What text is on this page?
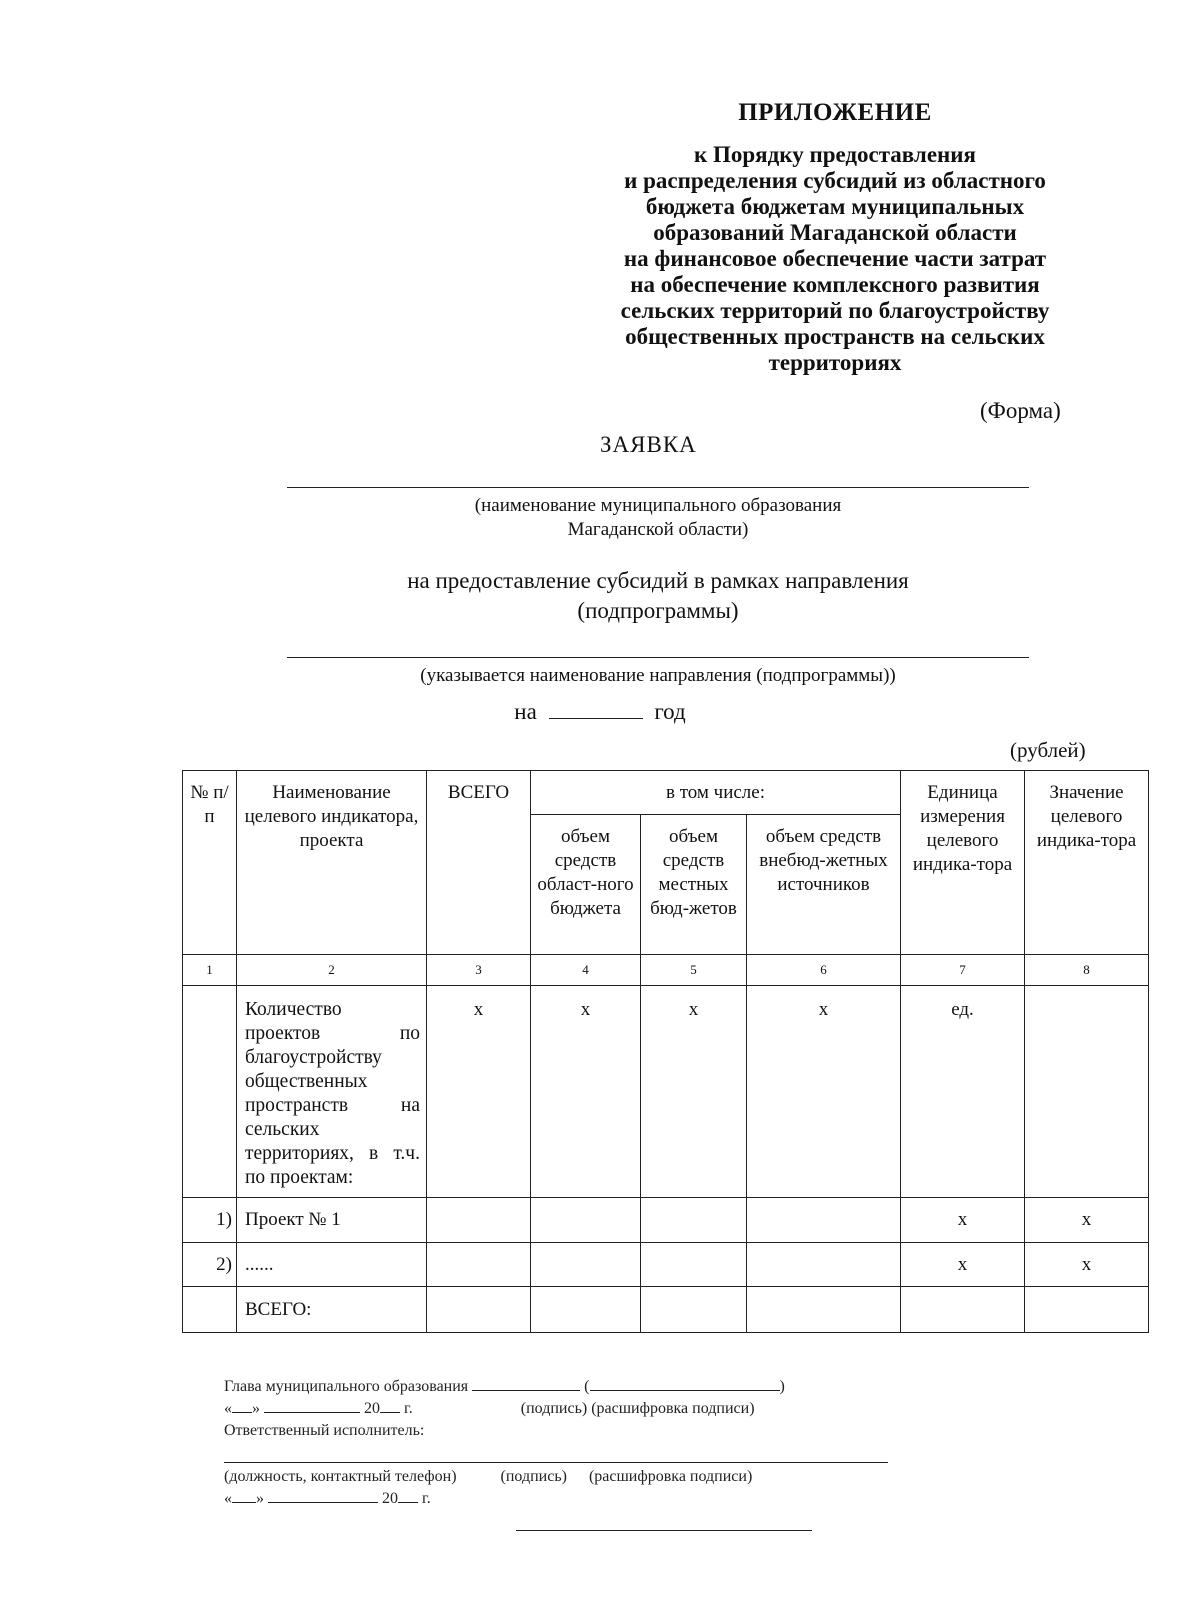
ПРИЛОЖЕНИЕ
к Порядку предоставления
и распределения субсидий из областного
бюджета бюджетам муниципальных
образований Магаданской области
на финансовое обеспечение части затрат
на обеспечение комплексного развития
сельских территорий по благоустройству
общественных пространств на сельских
территориях
(Форма)
ЗАЯВКА
(наименование муниципального образования
Магаданской области)
на предоставление субсидий в рамках направления
(подпрограммы)
(указывается наименование направления (подпрограммы))
на	год
(рублей)
№ п/п	Наименование целевого индикатора, проекта	ВСЕГО	в том числе:			Единица измерения целевого индика-тора	Значение целевого индика-тора
			объем средств област-ного бюджета	объем средств местных бюд-жетов	объем средств внебюд-жетных источников		
1	2	3	4	5	6	7	8
	Количество проектов по благоустройству общественных пространств на сельских территориях, в т.ч. по проектам:	x	x	x	x	ед.	
1)	Проект № 1					x	x
2)	......					x	x
	ВСЕГО:						
Глава муниципального образования	(	)
« »	20 г.	(подпись) (расшифровка подписи)
Ответственный исполнитель:
(должность, контактный телефон)	(подпись) (расшифровка подписи)
« »	20 г.
